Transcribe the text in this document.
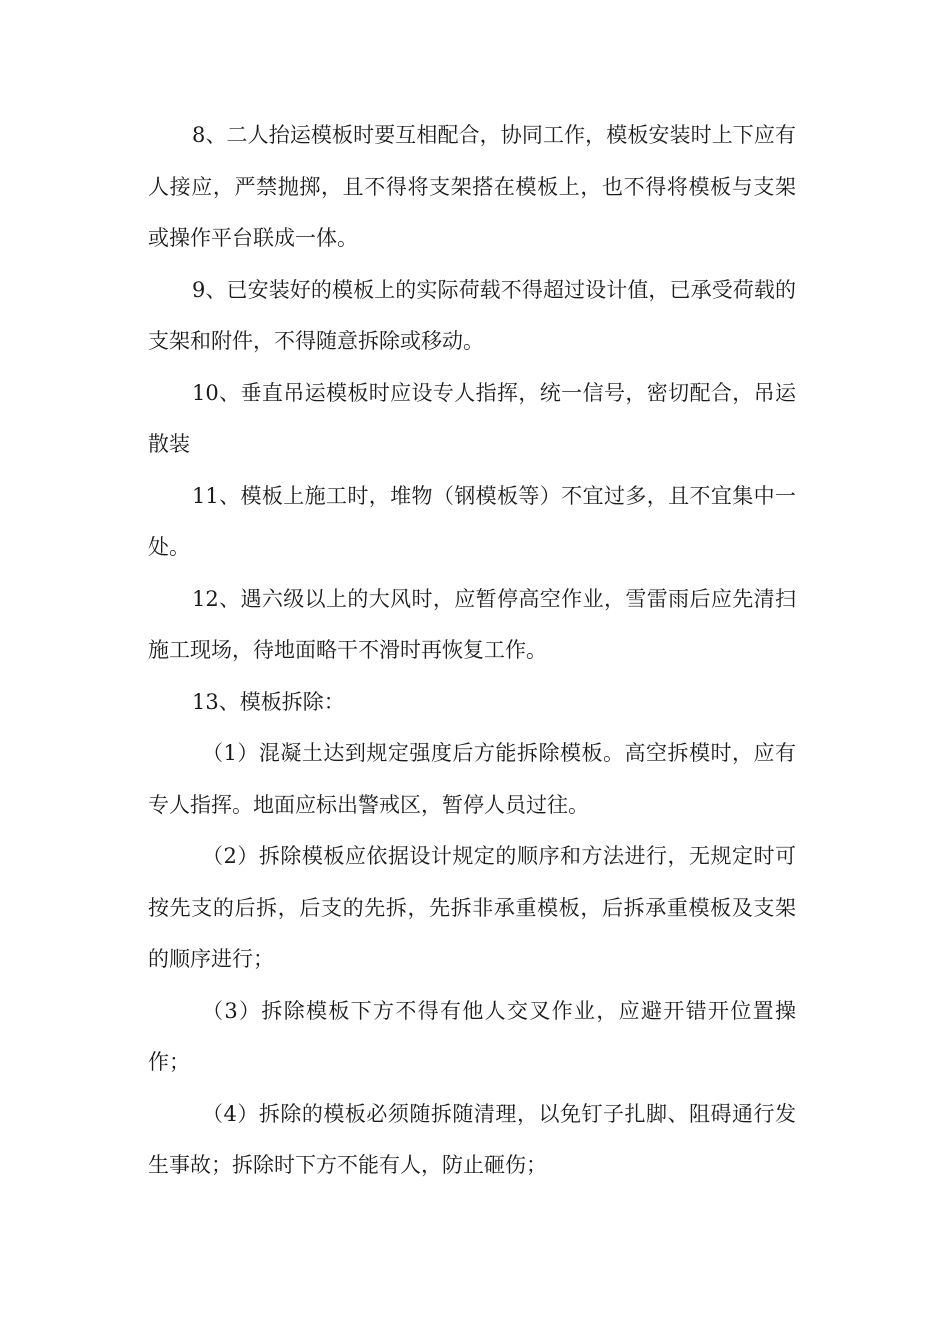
8、二人抬运模板时要互相配合，协同工作，模板安装时上下应有人接应，严禁抛掷，且不得将支架搭在模板上，也不得将模板与支架或操作平台联成一体。

9、已安装好的模板上的实际荷载不得超过设计值，已承受荷载的支架和附件，不得随意拆除或移动。

10、垂直吊运模板时应设专人指挥，统一信号，密切配合，吊运散装

11、模板上施工时，堆物（钢模板等）不宜过多，且不宜集中一处。

12、遇六级以上的大风时，应暂停高空作业，雪雷雨后应先清扫施工现场，待地面略干不滑时再恢复工作。

13、模板拆除：

（1）混凝土达到规定强度后方能拆除模板。高空拆模时，应有专人指挥。地面应标出警戒区，暂停人员过往。

（2）拆除模板应依据设计规定的顺序和方法进行，无规定时可按先支的后拆，后支的先拆，先拆非承重模板，后拆承重模板及支架的顺序进行；

（3）拆除模板下方不得有他人交叉作业，应避开错开位置操作；

（4）拆除的模板必须随拆随清理，以免钉子扎脚、阻碍通行发生事故；拆除时下方不能有人，防止砸伤；
